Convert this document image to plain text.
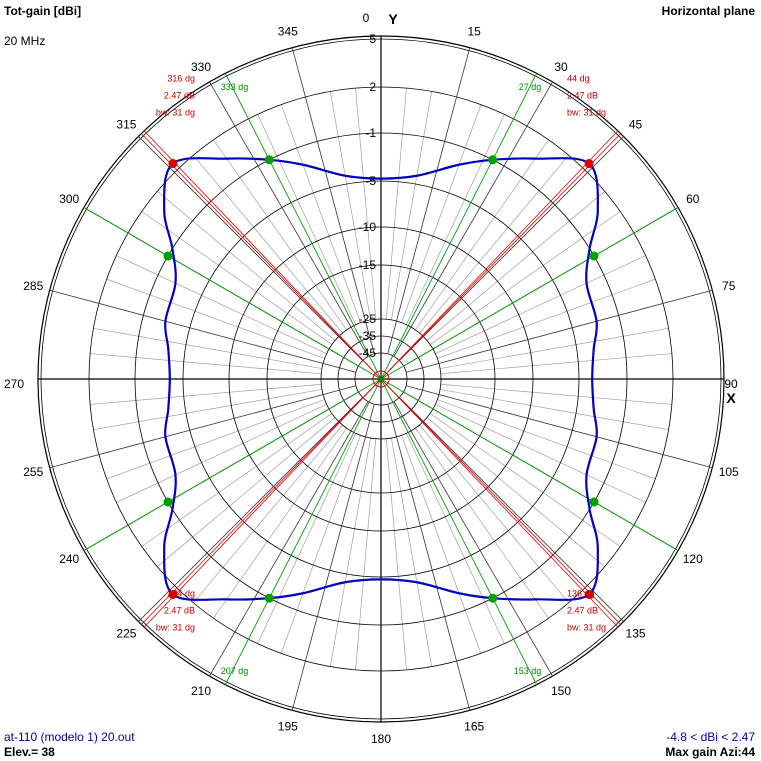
15
30
45
60
75
90
105
120
135
150
165
180
195
210
225
240
255
270
285
300
315
330
345
0
5
2
-1
-5
-10
-15
-25
-35
-45
44 dg
2.47 dB
bw: 31 dg
136 dg
2.47 dB
bw: 31 dg
224 dg
2.47 dB
bw: 31 dg
316 dg
2.47 dB
bw: 31 dg
27 dg
153 dg
207 dg
333 dg
Y
X
Tot-gain [dBi]	Horizontal plane
20 MHz
at-110 (modelo 1) 20.out
Elev.= 38
-4.8 < dBi < 2.47
Max gain Azi:44
